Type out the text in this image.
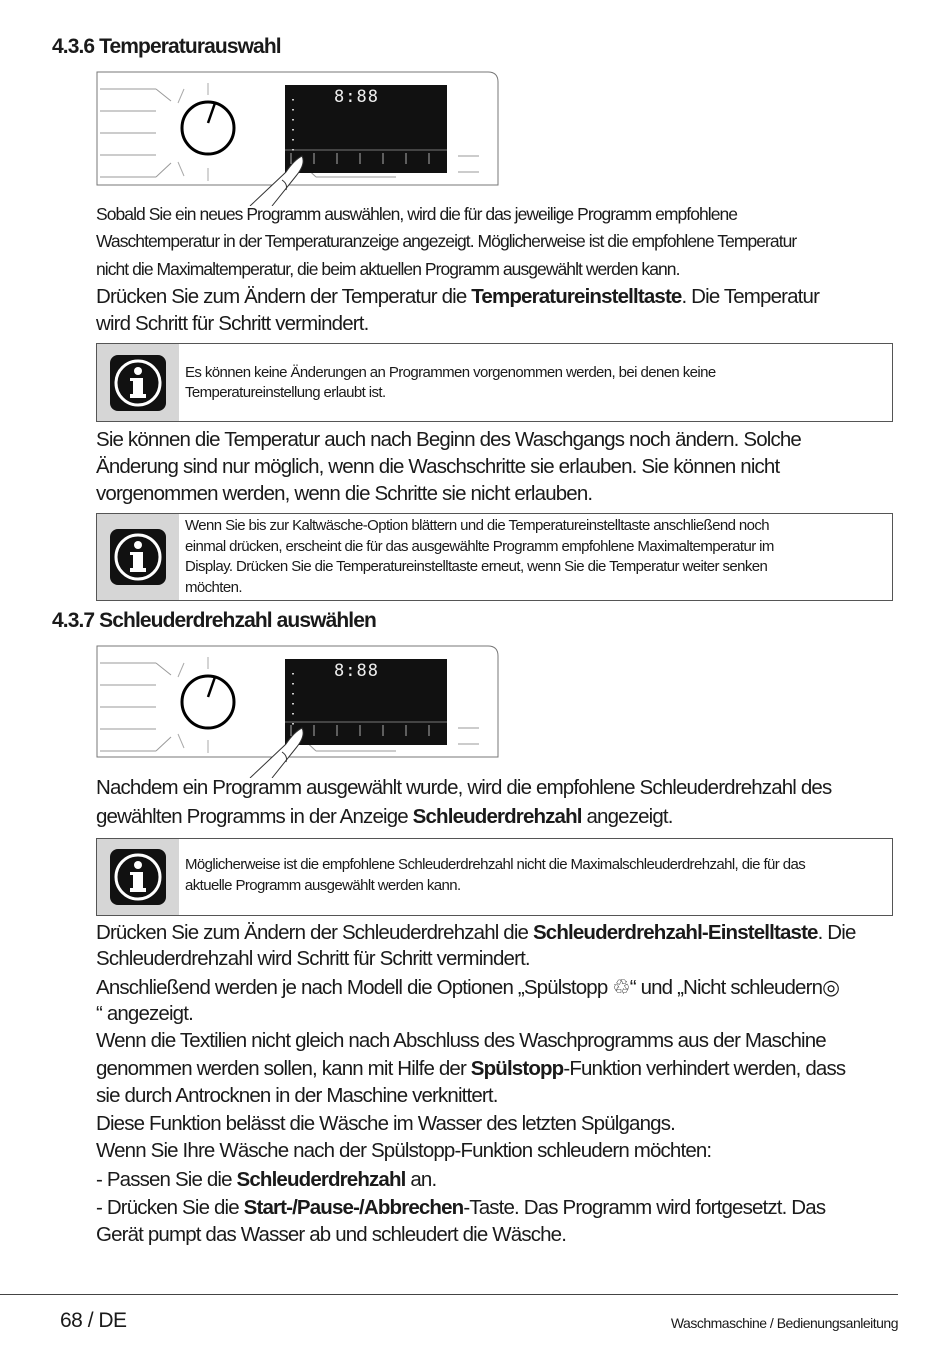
4.3.6 Temperaturauswahl
8:88
4.3.7 Schleuderdrehzahl auswählen
8:88
Sobald Sie ein neues Programm auswählen, wird die für das jeweilige Programm empfohlene
Waschtemperatur in der Temperaturanzeige angezeigt. Möglicherweise ist die empfohlene Temperatur
nicht die Maximaltemperatur, die beim aktuellen Programm ausgewählt werden kann.
Drücken Sie zum Ändern der Temperatur die Temperatureinstelltaste. Die Temperatur
wird Schritt für Schritt vermindert.
Es können keine Änderungen an Programmen vorgenommen werden, bei denen keine
Temperatureinstellung erlaubt ist.
Sie können die Temperatur auch nach Beginn des Waschgangs noch ändern. Solche
Änderung sind nur möglich, wenn die Waschschritte sie erlauben. Sie können nicht
vorgenommen werden, wenn die Schritte sie nicht erlauben.
Wenn Sie bis zur Kaltwäsche-Option blättern und die Temperatureinstelltaste anschließend noch
einmal drücken, erscheint die für das ausgewählte Programm empfohlene Maximaltemperatur im
Display. Drücken Sie die Temperatureinstelltaste erneut, wenn Sie die Temperatur weiter senken
möchten.
Nachdem ein Programm ausgewählt wurde, wird die empfohlene Schleuderdrehzahl des
gewählten Programms in der Anzeige Schleuderdrehzahl angezeigt.
Möglicherweise ist die empfohlene Schleuderdrehzahl nicht die Maximalschleuderdrehzahl, die für das
aktuelle Programm ausgewählt werden kann.
Drücken Sie zum Ändern der Schleuderdrehzahl die Schleuderdrehzahl-Einstelltaste. Die
Schleuderdrehzahl wird Schritt für Schritt vermindert.
Anschließend werden je nach Modell die Optionen „Spülstopp ♲“ und „Nicht schleudern◎
“ angezeigt.
Wenn die Textilien nicht gleich nach Abschluss des Waschprogramms aus der Maschine
genommen werden sollen, kann mit Hilfe der Spülstopp-Funktion verhindert werden, dass
sie durch Antrocknen in der Maschine verknittert.
Diese Funktion belässt die Wäsche im Wasser des letzten Spülgangs.
Wenn Sie Ihre Wäsche nach der Spülstopp-Funktion schleudern möchten:
- Passen Sie die Schleuderdrehzahl an.
- Drücken Sie die Start-/Pause-/Abbrechen-Taste. Das Programm wird fortgesetzt. Das
Gerät pumpt das Wasser ab und schleudert die Wäsche.
68 / DE	Waschmaschine / Bedienungsanleitung
